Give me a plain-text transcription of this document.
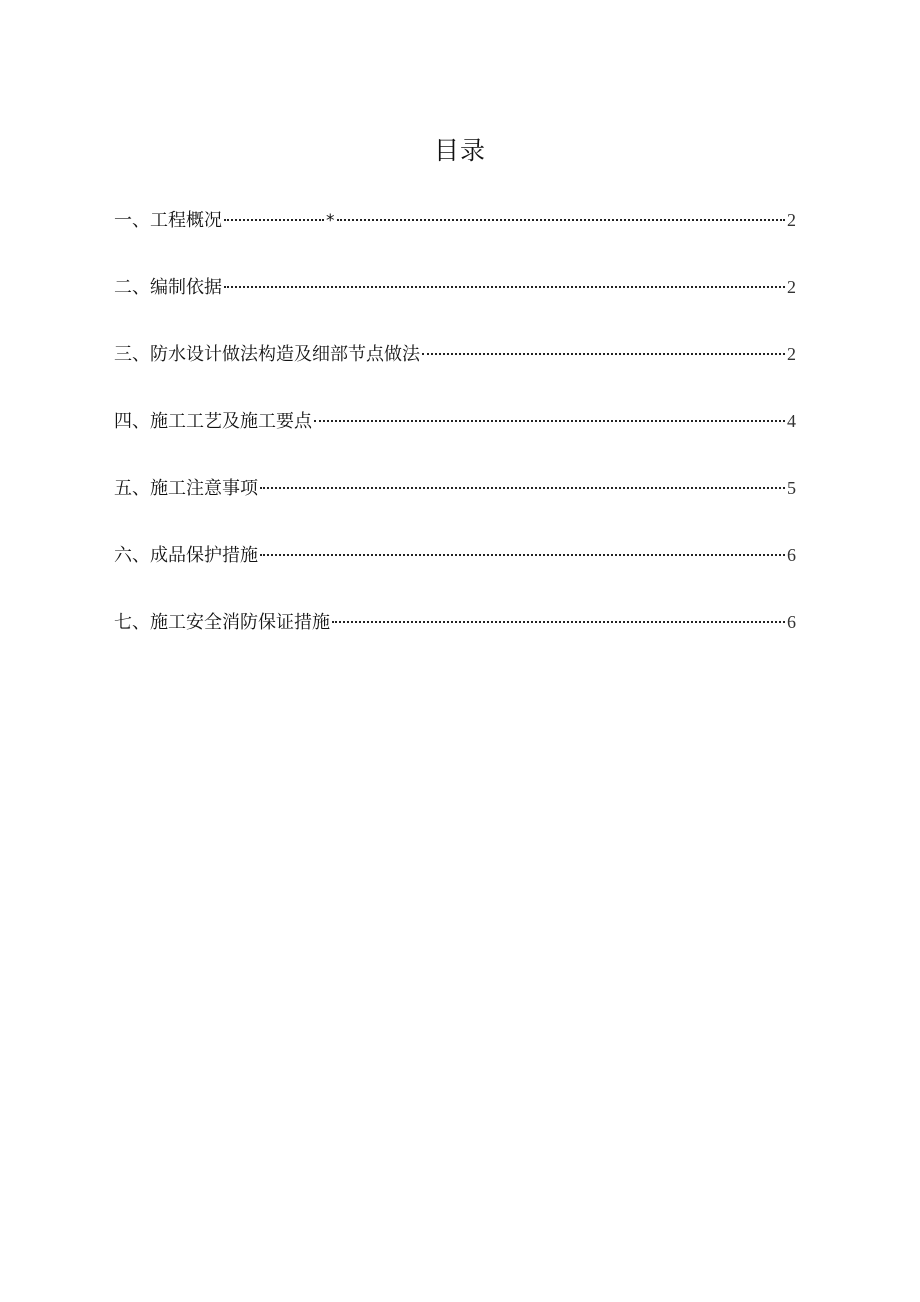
目录
一、 工程概况	*	2
二、 编制依据	2
三、 防水设计做法构造及细部节点做法	2
四、 施工工艺及施工要点	4
五、 施工注意事项	5
六、 成品保护措施	6
七、 施工安全消防保证措施	6
